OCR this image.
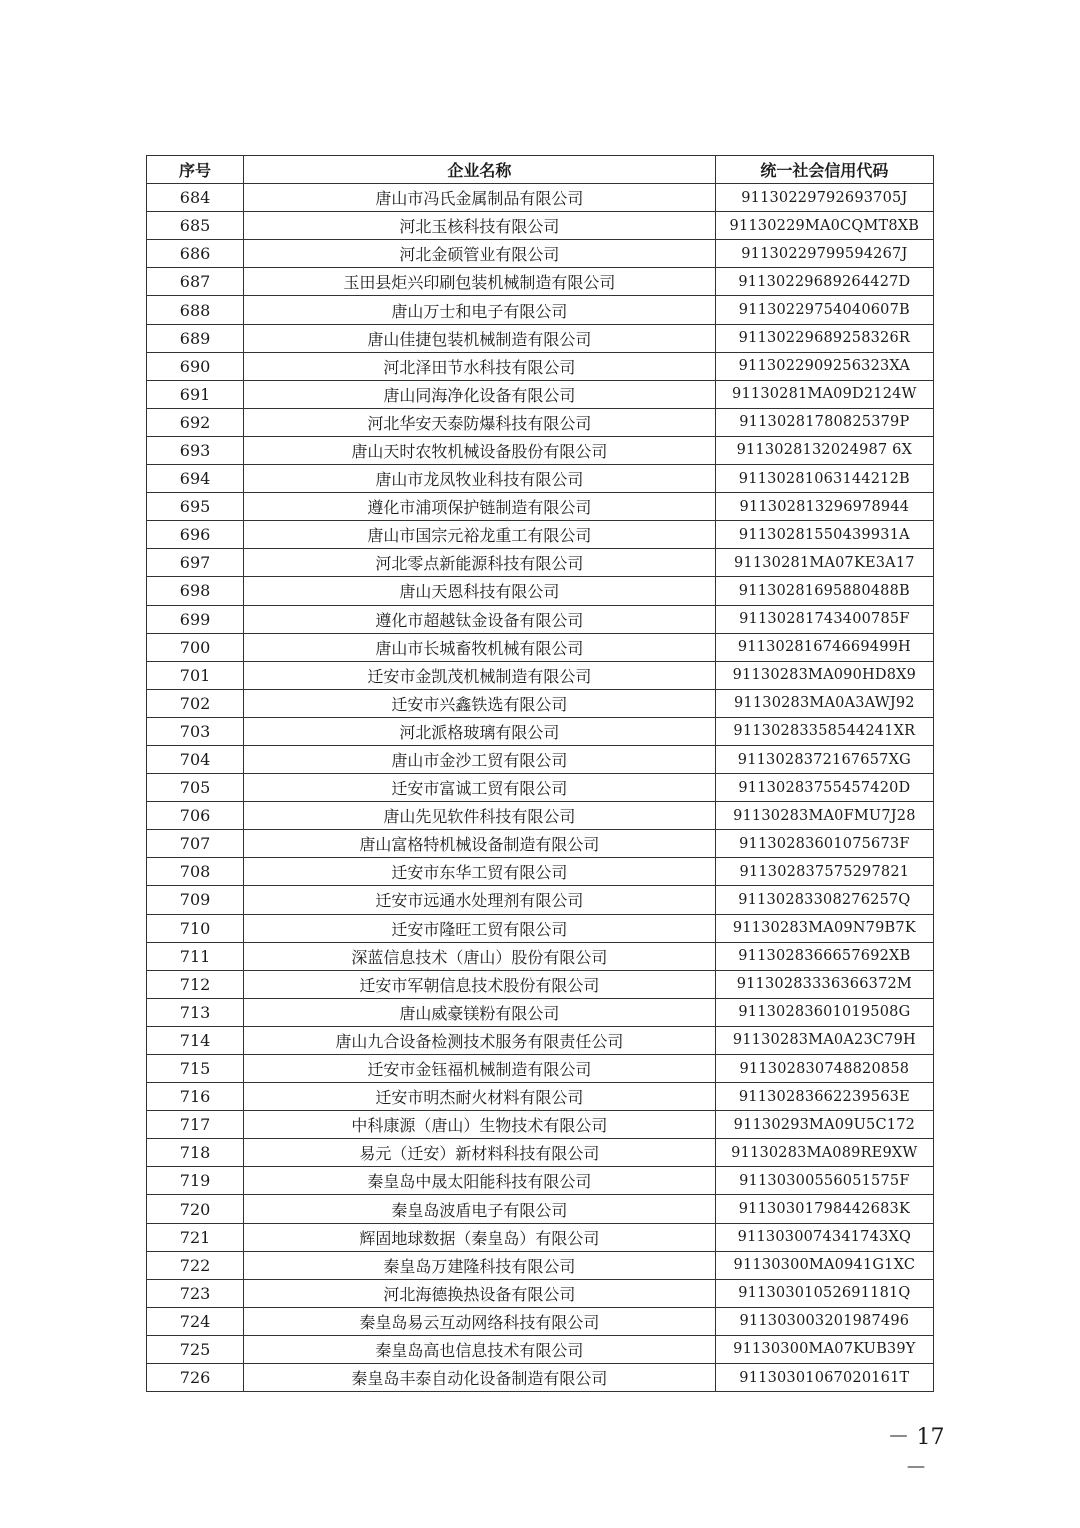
序号	企业名称	统一社会信用代码
684	唐山市冯氏金属制品有限公司	91130229792693705J
685	河北玉核科技有限公司	91130229MA0CQMT8XB
686	河北金硕管业有限公司	91130229799594267J
687	玉田县炬兴印刷包装机械制造有限公司	91130229689264427D
688	唐山万士和电子有限公司	91130229754040607B
689	唐山佳捷包装机械制造有限公司	91130229689258326R
690	河北泽田节水科技有限公司	9113022909256323XA
691	唐山同海净化设备有限公司	91130281MA09D2124W
692	河北华安天泰防爆科技有限公司	91130281780825379P
693	唐山天时农牧机械设备股份有限公司	9113028132024987 6X
694	唐山市龙凤牧业科技有限公司	91130281063144212B
695	遵化市浦项保护链制造有限公司	911302813296978944
696	唐山市国宗元裕龙重工有限公司	91130281550439931A
697	河北零点新能源科技有限公司	91130281MA07KE3A17
698	唐山天恩科技有限公司	91130281695880488B
699	遵化市超越钛金设备有限公司	91130281743400785F
700	唐山市长城畜牧机械有限公司	91130281674669499H
701	迁安市金凯茂机械制造有限公司	91130283MA090HD8X9
702	迁安市兴鑫铁选有限公司	91130283MA0A3AWJ92
703	河北派格玻璃有限公司	91130283358544241XR
704	唐山市金沙工贸有限公司	9113028372167657XG
705	迁安市富诚工贸有限公司	91130283755457420D
706	唐山先见软件科技有限公司	91130283MA0FMU7J28
707	唐山富格特机械设备制造有限公司	91130283601075673F
708	迁安市东华工贸有限公司	911302837575297821
709	迁安市远通水处理剂有限公司	91130283308276257Q
710	迁安市隆旺工贸有限公司	91130283MA09N79B7K
711	深蓝信息技术（唐山）股份有限公司	9113028366657692XB
712	迁安市军朝信息技术股份有限公司	91130283336366372M
713	唐山威豪镁粉有限公司	91130283601019508G
714	唐山九合设备检测技术服务有限责任公司	91130283MA0A23C79H
715	迁安市金钰福机械制造有限公司	911302830748820858
716	迁安市明杰耐火材料有限公司	91130283662239563E
717	中科康源（唐山）生物技术有限公司	91130293MA09U5C172
718	易元（迁安）新材料科技有限公司	91130283MA089RE9XW
719	秦皇岛中晟太阳能科技有限公司	91130300556051575F
720	秦皇岛波盾电子有限公司	91130301798442683K
721	辉固地球数据（秦皇岛）有限公司	9113030074341743XQ
722	秦皇岛万建隆科技有限公司	91130300MA0941G1XC
723	河北海德换热设备有限公司	91130301052691181Q
724	秦皇岛易云互动网络科技有限公司	911303003201987496
725	秦皇岛高也信息技术有限公司	91130300MA07KUB39Y
726	秦皇岛丰泰自动化设备制造有限公司	91130301067020161T
－ 17 －
